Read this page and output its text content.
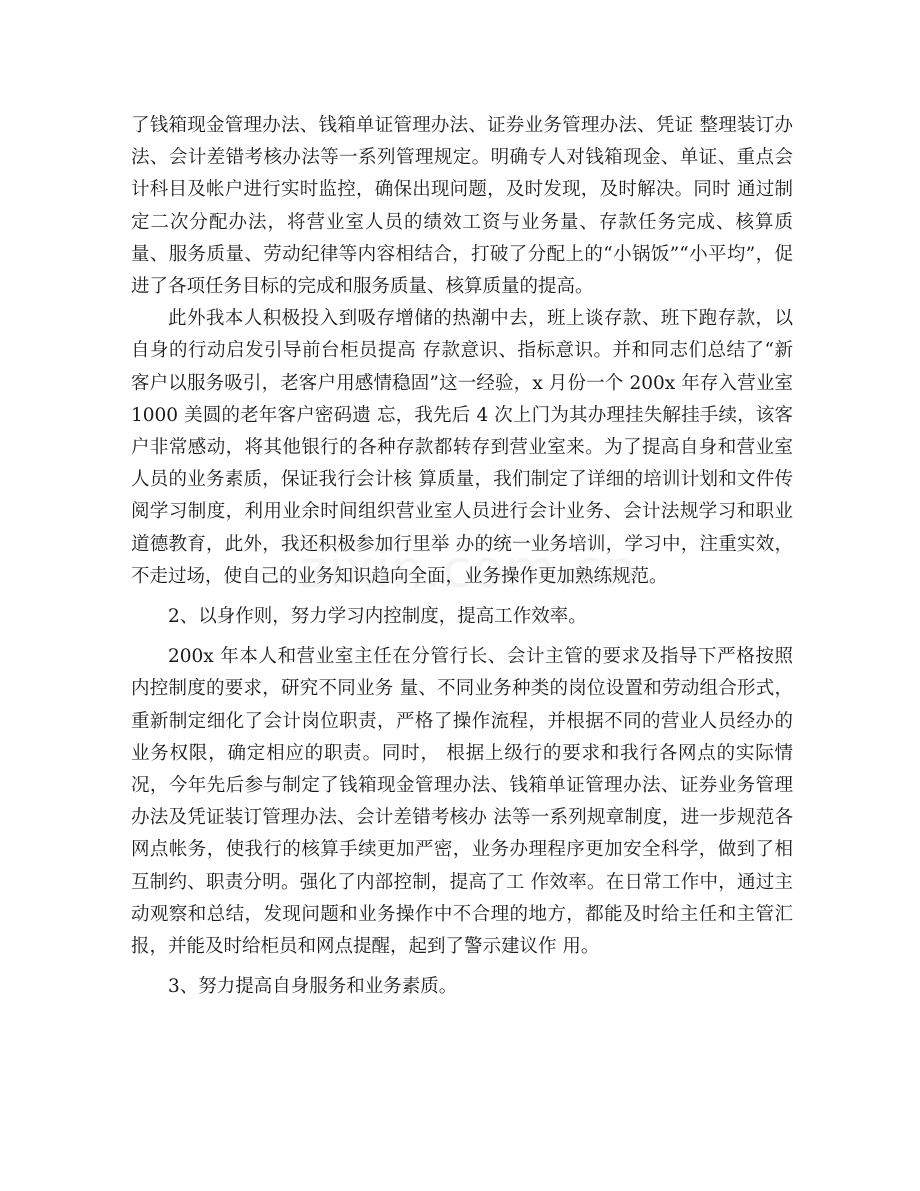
了钱箱现金管理办法、钱箱单证管理办法、证券业务管理办法、凭证 整理装订办法、会计差错考核办法等一系列管理规定。明确专人对钱箱现金、单证、重点会计科目及帐户进行实时监控，确保出现问题，及时发现，及时解决。同时 通过制定二次分配办法，将营业室人员的绩效工资与业务量、存款任务完成、核算质量、服务质量、劳动纪律等内容相结合，打破了分配上的“小锅饭”“小平均”，促进了各项任务目标的完成和服务质量、核算质量的提高。

此外我本人积极投入到吸存增储的热潮中去，班上谈存款、班下跑存款，以自身的行动启发引导前台柜员提高 存款意识、指标意识。并和同志们总结了“新客户以服务吸引，老客户用感情稳固”这一经验，x 月份一个 200x 年存入营业室 1000 美圆的老年客户密码遗 忘，我先后 4 次上门为其办理挂失解挂手续，该客户非常感动，将其他银行的各种存款都转存到营业室来。为了提高自身和营业室人员的业务素质，保证我行会计核 算质量，我们制定了详细的培训计划和文件传阅学习制度，利用业余时间组织营业室人员进行会计业务、会计法规学习和职业道德教育，此外，我还积极参加行里举 办的统一业务培训，学习中，注重实效，不走过场，使自己的业务知识趋向全面，业务操作更加熟练规范。

2、以身作则，努力学习内控制度，提高工作效率。

200x 年本人和营业室主任在分管行长、会计主管的要求及指导下严格按照内控制度的要求，研究不同业务 量、不同业务种类的岗位设置和劳动组合形式，重新制定细化了会计岗位职责，严格了操作流程，并根据不同的营业人员经办的业务权限，确定相应的职责。同时， 根据上级行的要求和我行各网点的实际情况，今年先后参与制定了钱箱现金管理办法、钱箱单证管理办法、证券业务管理办法及凭证装订管理办法、会计差错考核办 法等一系列规章制度，进一步规范各网点帐务，使我行的核算手续更加严密，业务办理程序更加安全科学，做到了相互制约、职责分明。强化了内部控制，提高了工 作效率。在日常工作中，通过主动观察和总结，发现问题和业务操作中不合理的地方，都能及时给主任和主管汇报，并能及时给柜员和网点提醒，起到了警示建议作 用。

3、努力提高自身服务和业务素质。
